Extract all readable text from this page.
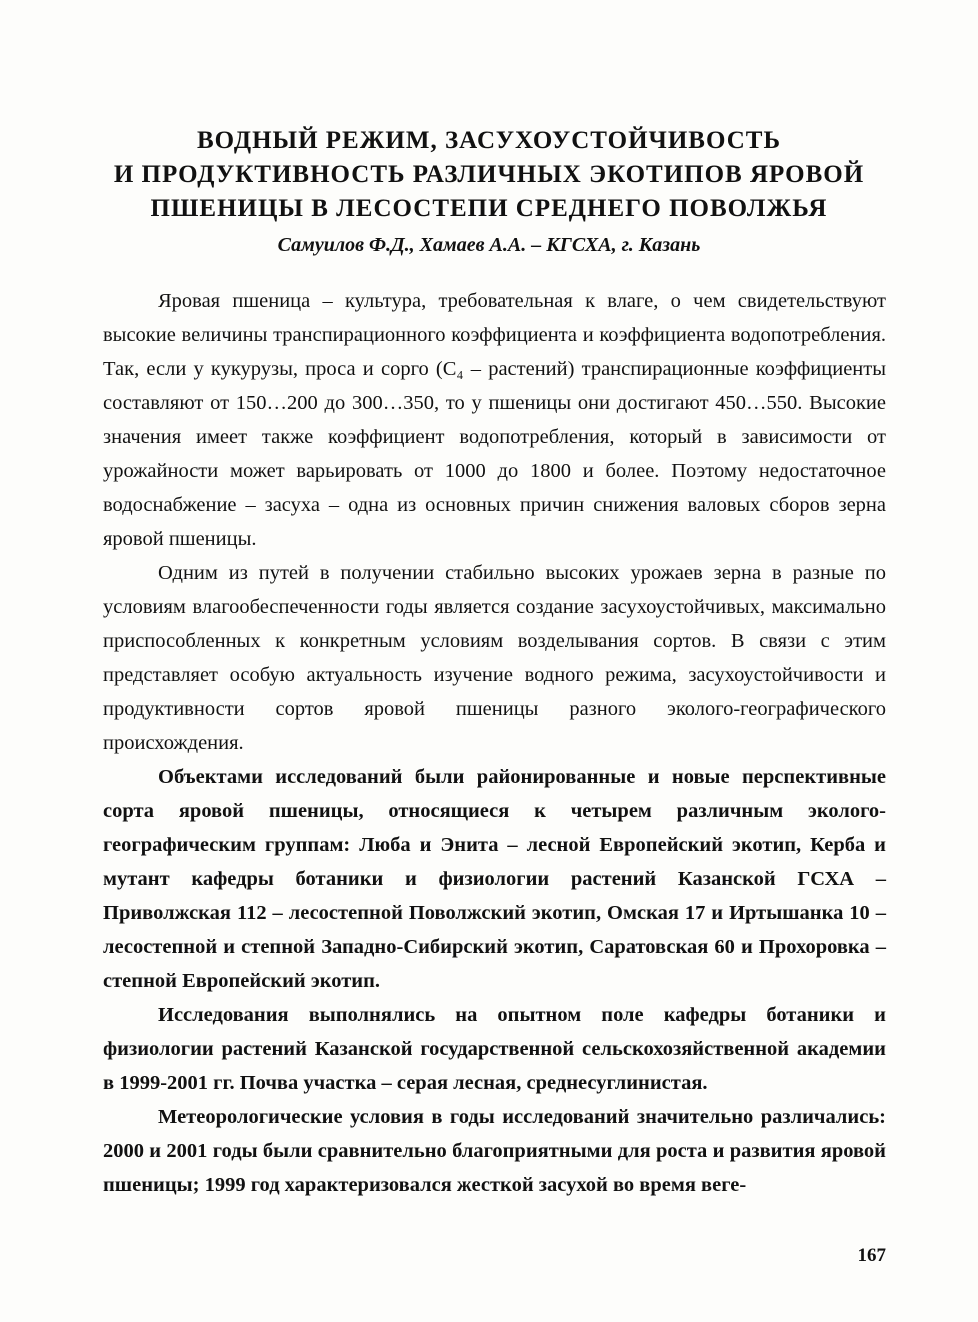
ВОДНЫЙ РЕЖИМ, ЗАСУХОУСТОЙЧИВОСТЬ
И ПРОДУКТИВНОСТЬ РАЗЛИЧНЫХ ЭКОТИПОВ ЯРОВОЙ
ПШЕНИЦЫ В ЛЕСОСТЕПИ СРЕДНЕГО ПОВОЛЖЬЯ
Самуилов Ф.Д., Хамаев А.А. – КГСХА, г. Казань

Яровая пшеница – культура, требовательная к влаге, о чем свидетельствуют высокие величины транспирационного коэффициента и коэффициента водопотребления. Так, если у кукурузы, проса и сорго (C₄ – растений) транспирационные коэффициенты составляют от 150…200 до 300…350, то у пшеницы они достигают 450…550. Высокие значения имеет также коэффициент водопотребления, который в зависимости от урожайности может варьировать от 1000 до 1800 и более. Поэтому недостаточное водоснабжение – засуха – одна из основных причин снижения валовых сборов зерна яровой пшеницы.

Одним из путей в получении стабильно высоких урожаев зерна в разные по условиям влагообеспеченности годы является создание засухоустойчивых, максимально приспособленных к конкретным условиям возделывания сортов. В связи с этим представляет особую актуальность изучение водного режима, засухоустойчивости и продуктивности сортов яровой пшеницы разного эколого-географического происхождения.

Объектами исследований были районированные и новые перспективные сорта яровой пшеницы, относящиеся к четырем различным эколого-географическим группам: Люба и Энита – лесной Европейский экотип, Керба и мутант кафедры ботаники и физиологии растений Казанской ГСХА – Приволжская 112 – лесостепной Поволжский экотип, Омская 17 и Иртышанка 10 – лесостепной и степной Западно-Сибирский экотип, Саратовская 60 и Прохоровка – степной Европейский экотип.

Исследования выполнялись на опытном поле кафедры ботаники и физиологии растений Казанской государственной сельскохозяйственной академии в 1999-2001 гг. Почва участка – серая лесная, среднесуглинистая.

Метеорологические условия в годы исследований значительно различались: 2000 и 2001 годы были сравнительно благоприятными для роста и развития яровой пшеницы; 1999 год характеризовался жесткой засухой во время веге-

167
